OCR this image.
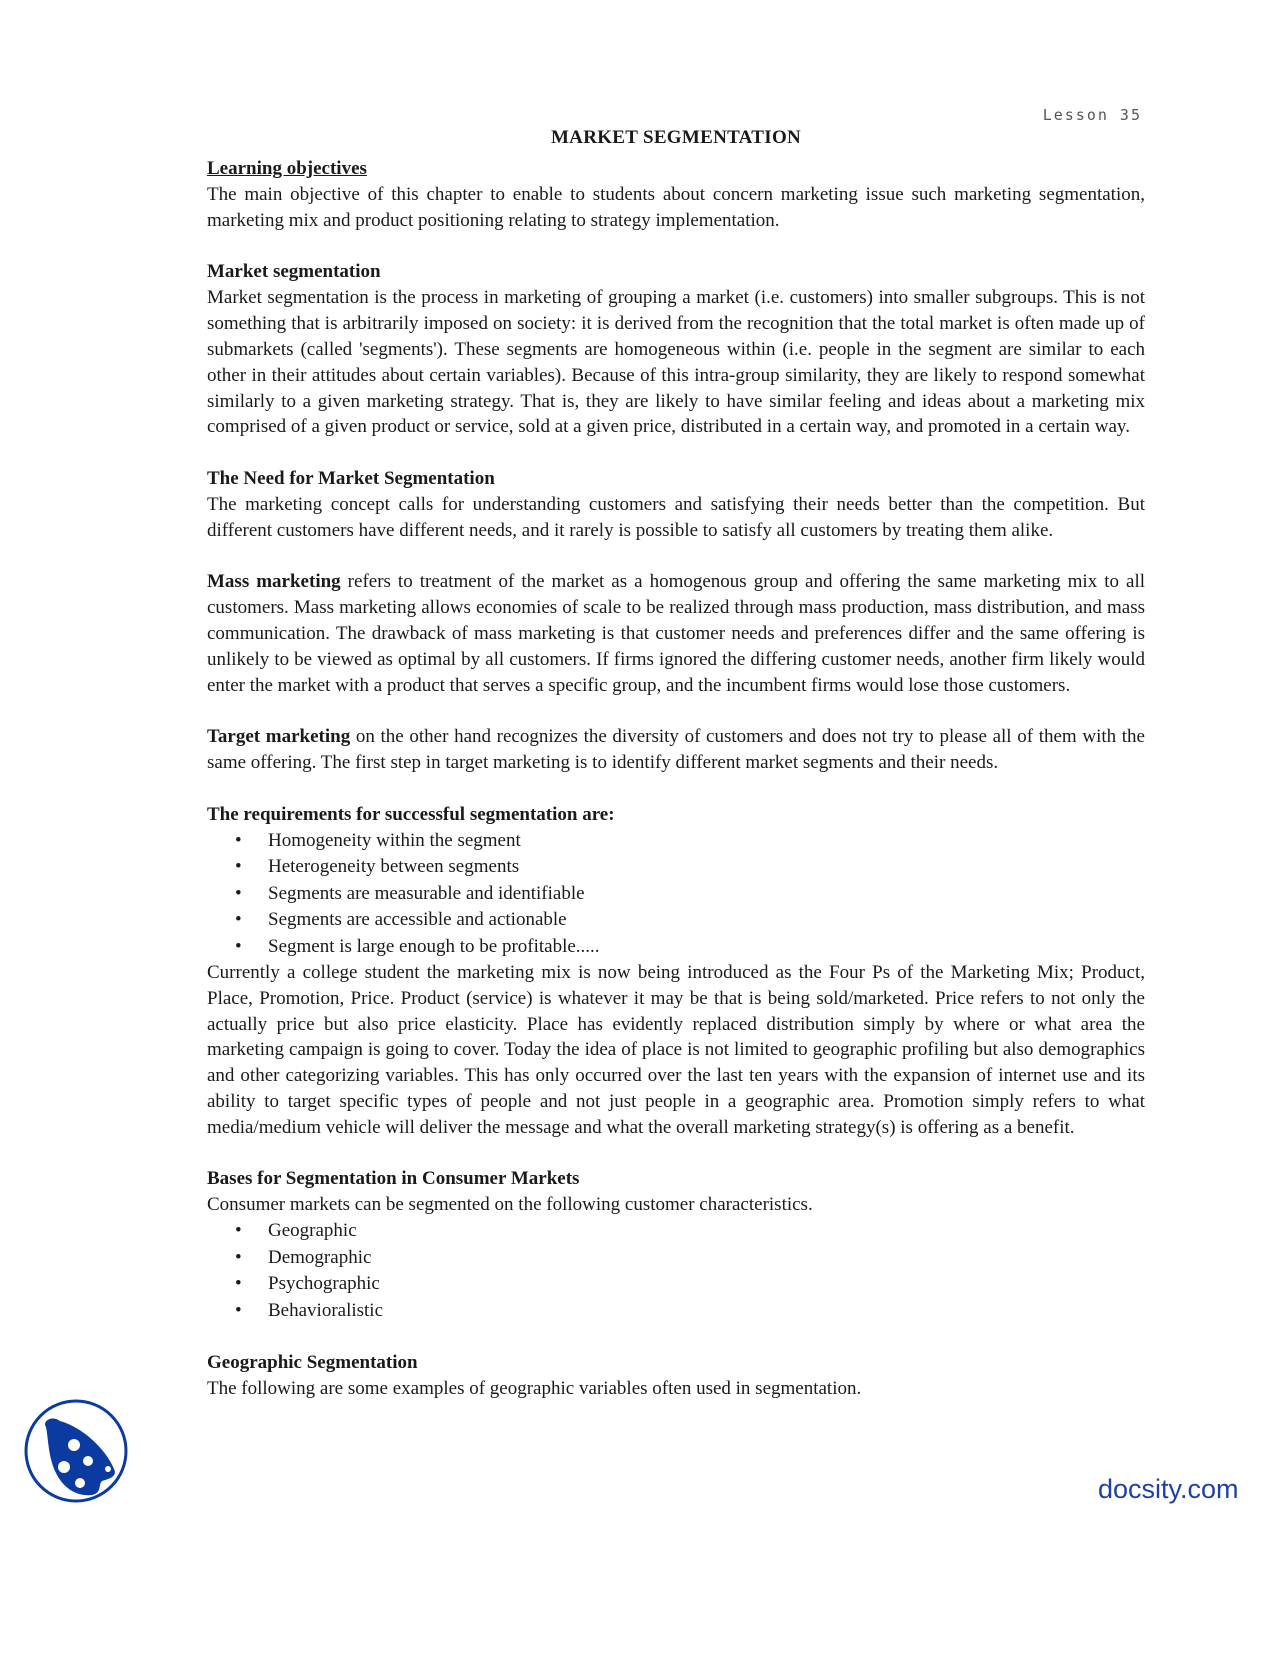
Lesson 35
MARKET SEGMENTATION
Learning objectives

The main objective of this chapter to enable to students about concern marketing issue such marketing segmentation, marketing mix and product positioning relating to strategy implementation.

Market segmentation

Market segmentation is the process in marketing of grouping a market (i.e. customers) into smaller subgroups. This is not something that is arbitrarily imposed on society: it is derived from the recognition that the total market is often made up of submarkets (called 'segments'). These segments are homogeneous within (i.e. people in the segment are similar to each other in their attitudes about certain variables). Because of this intra-group similarity, they are likely to respond somewhat similarly to a given marketing strategy. That is, they are likely to have similar feeling and ideas about a marketing mix comprised of a given product or service, sold at a given price, distributed in a certain way, and promoted in a certain way.

The Need for Market Segmentation

The marketing concept calls for understanding customers and satisfying their needs better than the competition. But different customers have different needs, and it rarely is possible to satisfy all customers by treating them alike.

Mass marketing refers to treatment of the market as a homogenous group and offering the same marketing mix to all customers. Mass marketing allows economies of scale to be realized through mass production, mass distribution, and mass communication. The drawback of mass marketing is that customer needs and preferences differ and the same offering is unlikely to be viewed as optimal by all customers. If firms ignored the differing customer needs, another firm likely would enter the market with a product that serves a specific group, and the incumbent firms would lose those customers.

Target marketing on the other hand recognizes the diversity of customers and does not try to please all of them with the same offering. The first step in target marketing is to identify different market segments and their needs.

The requirements for successful segmentation are:
• Homogeneity within the segment
• Heterogeneity between segments
• Segments are measurable and identifiable
• Segments are accessible and actionable
• Segment is large enough to be profitable.....

Currently a college student the marketing mix is now being introduced as the Four Ps of the Marketing Mix; Product, Place, Promotion, Price. Product (service) is whatever it may be that is being sold/marketed. Price refers to not only the actually price but also price elasticity. Place has evidently replaced distribution simply by where or what area the marketing campaign is going to cover. Today the idea of place is not limited to geographic profiling but also demographics and other categorizing variables. This has only occurred over the last ten years with the expansion of internet use and its ability to target specific types of people and not just people in a geographic area. Promotion simply refers to what media/medium vehicle will deliver the message and what the overall marketing strategy(s) is offering as a benefit.

Bases for Segmentation in Consumer Markets

Consumer markets can be segmented on the following customer characteristics.

• Geographic
• Demographic
• Psychographic
• Behavioralistic
Geographic Segmentation

The following are some examples of geographic variables often used in segmentation.

docsity.com
